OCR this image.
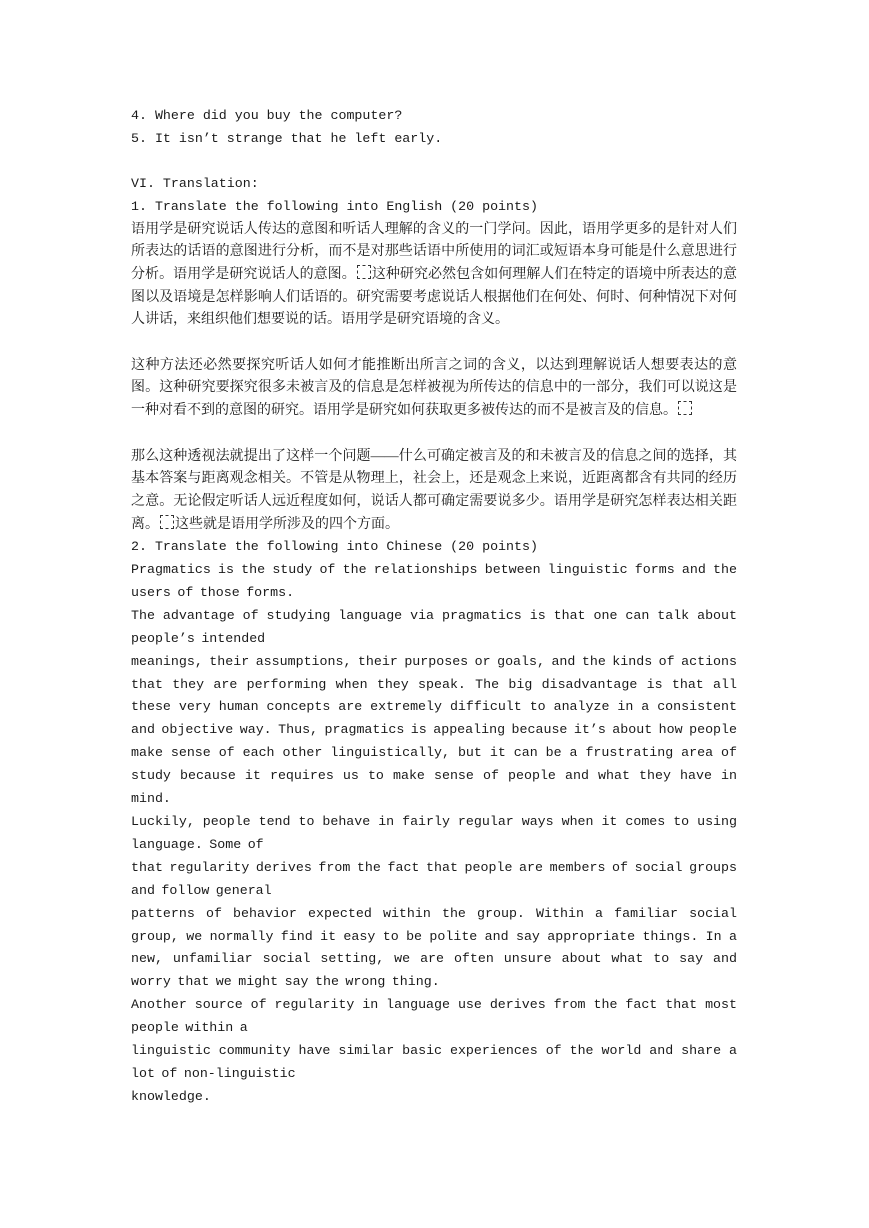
4. Where did you buy the computer?

5. It isn’t strange that he left early.

VI. Translation:

1. Translate the following into English (20 points)

语用学是研究说话人传达的意图和听话人理解的含义的一门学问。因此，语用学更多的是针对人们所表达的话语的意图进行分析，而不是对那些话语中所使用的词汇或短语本身可能是什么意思进行分析。语用学是研究说话人的意图。 这种研究必然包含如何理解人们在特定的语境中所表达的意图以及语境是怎样影响人们话语的。研究需要考虑说话人根据他们在何处、何时、何种情况下对何人讲话，来组织他们想要说的话。语用学是研究语境的含义。

这种方法还必然要探究听话人如何才能推断出所言之词的含义，以达到理解说话人想要表达的意图。这种研究要探究很多未被言及的信息是怎样被视为所传达的信息中的一部分，我们可以说这是一种对看不到的意图的研究。语用学是研究如何获取更多被传达的而不是被言及的信息。

那么这种透视法就提出了这样一个问题——什么可确定被言及的和未被言及的信息之间的选择，其基本答案与距离观念相关。不管是从物理上，社会上，还是观念上来说，近距离都含有共同的经历之意。无论假定听话人远近程度如何，说话人都可确定需要说多少。语用学是研究怎样表达相关距离。 这些就是语用学所涉及的四个方面。

2. Translate the following into Chinese (20 points)

Pragmatics is the study of the relationships between linguistic forms and the users of those forms.

The advantage of studying language via pragmatics is that one can talk about people’s intended

meanings, their assumptions, their purposes or goals, and the kinds of actions that they are performing when they speak. The big disadvantage is that all these very human concepts are extremely difficult to analyze in a consistent and objective way. Thus, pragmatics is appealing because it’s about how people make sense of each other linguistically, but it can be a frustrating area of study because it requires us to make sense of people and what they have in mind.

Luckily, people tend to behave in fairly regular ways when it comes to using language. Some of

that regularity derives from the fact that people are members of social groups and follow general

patterns of behavior expected within the group. Within a familiar social group, we normally find it easy to be polite and say appropriate things. In a new, unfamiliar social setting, we are often unsure about what to say and worry that we might say the wrong thing.

Another source of regularity in language use derives from the fact that most people within a

linguistic community have similar basic experiences of the world and share a lot of non-linguistic

knowledge.
